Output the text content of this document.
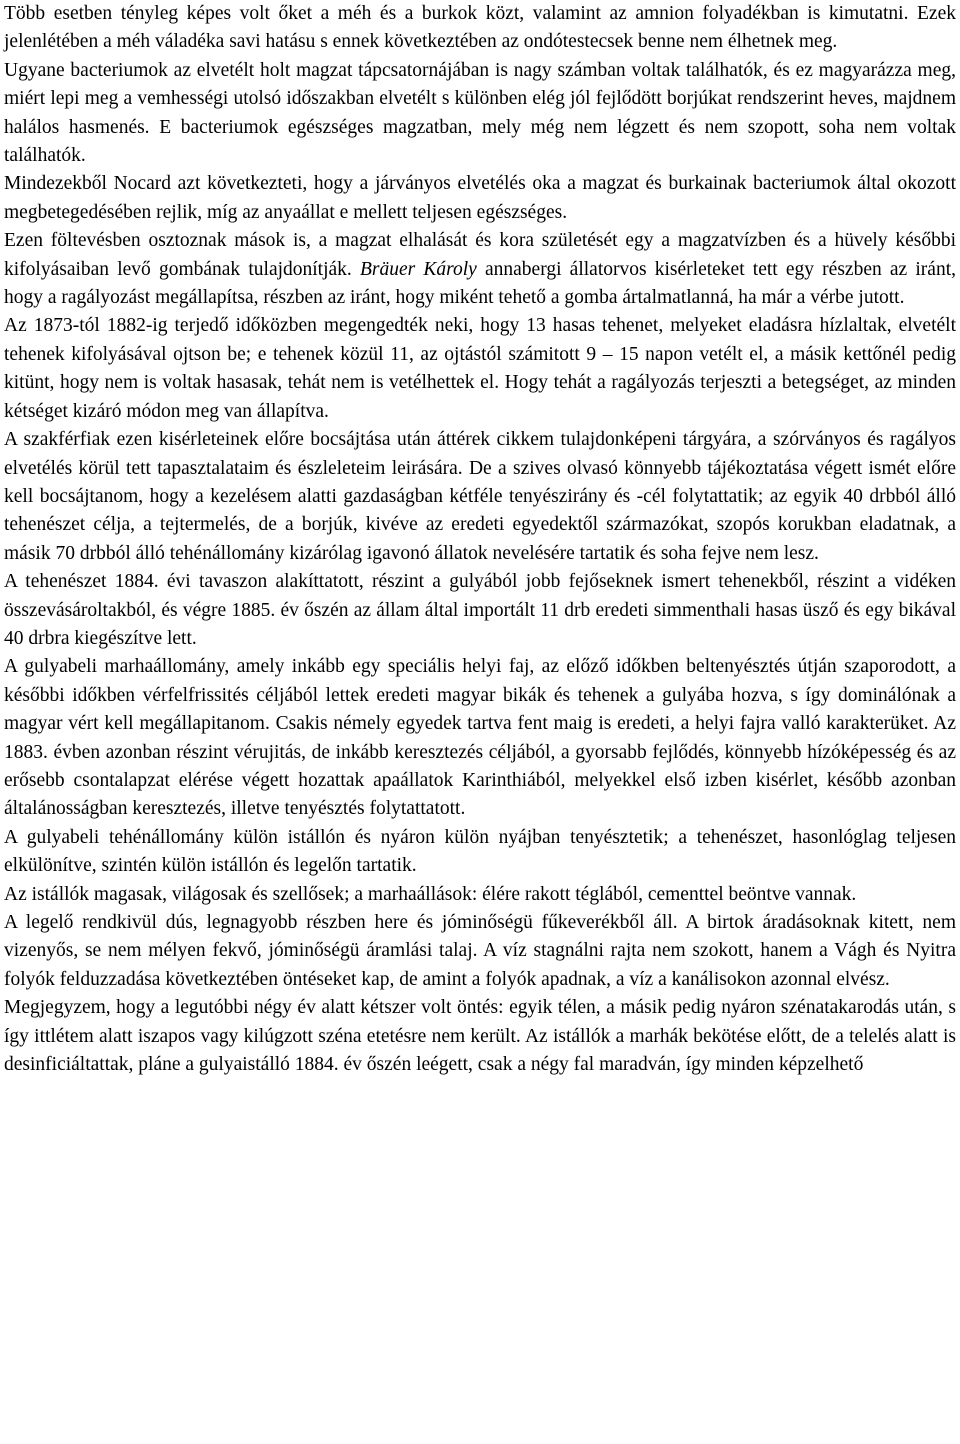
Több esetben tényleg képes volt őket a méh és a burkok közt, valamint az amnion folyadékban is kimutatni. Ezek jelenlétében a méh váladéka savi hatásu s ennek következtében az ondótestecsek benne nem élhetnek meg.

Ugyane bacteriumok az elvetélt holt magzat tápcsatornájában is nagy számban voltak találhatók, és ez magyarázza meg, miért lepi meg a vemhességi utolsó időszakban elvetélt s különben elég jól fejlődött borjúkat rendszerint heves, majdnem halálos hasmenés. E bacteriumok egészséges magzatban, mely még nem légzett és nem szopott, soha nem voltak találhatók.

Mindezekből Nocard azt következteti, hogy a járványos elvetélés oka a magzat és burkainak bacteriumok által okozott megbetegedésében rejlik, míg az anyaállat e mellett teljesen egészséges.

Ezen föltevésben osztoznak mások is, a magzat elhalását és kora születését egy a magzatvízben és a hüvely későbbi kifolyásaiban levő gombának tulajdonítják. Bräuer Károly annabergi állatorvos kisérleteket tett egy részben az iránt, hogy a ragályozást megállapítsa, részben az iránt, hogy miként tehető a gomba ártalmatlanná, ha már a vérbe jutott.

Az 1873-tól 1882-ig terjedő időközben megengedték neki, hogy 13 hasas tehenet, melyeket eladásra hízlaltak, elvetélt tehenek kifolyásával ojtson be; e tehenek közül 11, az ojtástól számitott 9 – 15 napon vetélt el, a másik kettőnél pedig kitünt, hogy nem is voltak hasasak, tehát nem is vetélhettek el. Hogy tehát a ragályozás terjeszti a betegséget, az minden kétséget kizáró módon meg van állapítva.

A szakférfiak ezen kisérleteinek előre bocsájtása után áttérek cikkem tulajdonképeni tárgyára, a szórványos és ragályos elvetélés körül tett tapasztalataim és észleleteim leirására. De a szives olvasó könnyebb tájékoztatása végett ismét előre kell bocsájtanom, hogy a kezelésem alatti gazdaságban kétféle tenyészirány és -cél folytattatik; az egyik 40 drbból álló tehenészet célja, a tejtermelés, de a borjúk, kivéve az eredeti egyedektől származókat, szopós korukban eladatnak, a másik 70 drbból álló tehénállomány kizárólag igavonó állatok nevelésére tartatik és soha fejve nem lesz.

A tehenészet 1884. évi tavaszon alakíttatott, részint a gulyából jobb fejőseknek ismert tehenekből, részint a vidéken összevásároltakból, és végre 1885. év őszén az állam által importált 11 drb eredeti simmenthali hasas üsző és egy bikával 40 drbra kiegészítve lett.

A gulyabeli marhaállomány, amely inkább egy speciális helyi faj, az előző időkben beltenyésztés útján szaporodott, a későbbi időkben vérfelfrissités céljából lettek eredeti magyar bikák és tehenek a gulyába hozva, s így dominálónak a magyar vért kell megállapitanom. Csakis némely egyedek tartva fent maig is eredeti, a helyi fajra valló karakterüket. Az 1883. évben azonban részint vérujitás, de inkább keresztezés céljából, a gyorsabb fejlődés, könnyebb hízóképesség és az erősebb csontalapzat elérése végett hozattak apaállatok Karinthiából, melyekkel első izben kisérlet, később azonban általánosságban keresztezés, illetve tenyésztés folytattatott.

A gulyabeli tehénállomány külön istállón és nyáron külön nyájban tenyésztetik; a tehenészet, hasonlóglag teljesen elkülönítve, szintén külön istállón és legelőn tartatik.

Az istállók magasak, világosak és szellősek; a marhaállások: élére rakott téglából, cementtel beöntve vannak.

A legelő rendkivül dús, legnagyobb részben here és jóminőségü fűkeverékből áll. A birtok áradásoknak kitett, nem vizenyős, se nem mélyen fekvő, jóminőségü áramlási talaj. A víz stagnálni rajta nem szokott, hanem a Vágh és Nyitra folyók felduzzadása következtében öntéseket kap, de amint a folyók apadnak, a víz a kanálisokon azonnal elvész.

Megjegyzem, hogy a legutóbbi négy év alatt kétszer volt öntés: egyik télen, a másik pedig nyáron szénatakarodás után, s így ittlétem alatt iszapos vagy kilúgzott széna etetésre nem került. Az istállók a marhák bekötése előtt, de a telelés alatt is desinficiáltattak, pláne a gulyaistálló 1884. év őszén leégett, csak a négy fal maradván, így minden képzelhető
